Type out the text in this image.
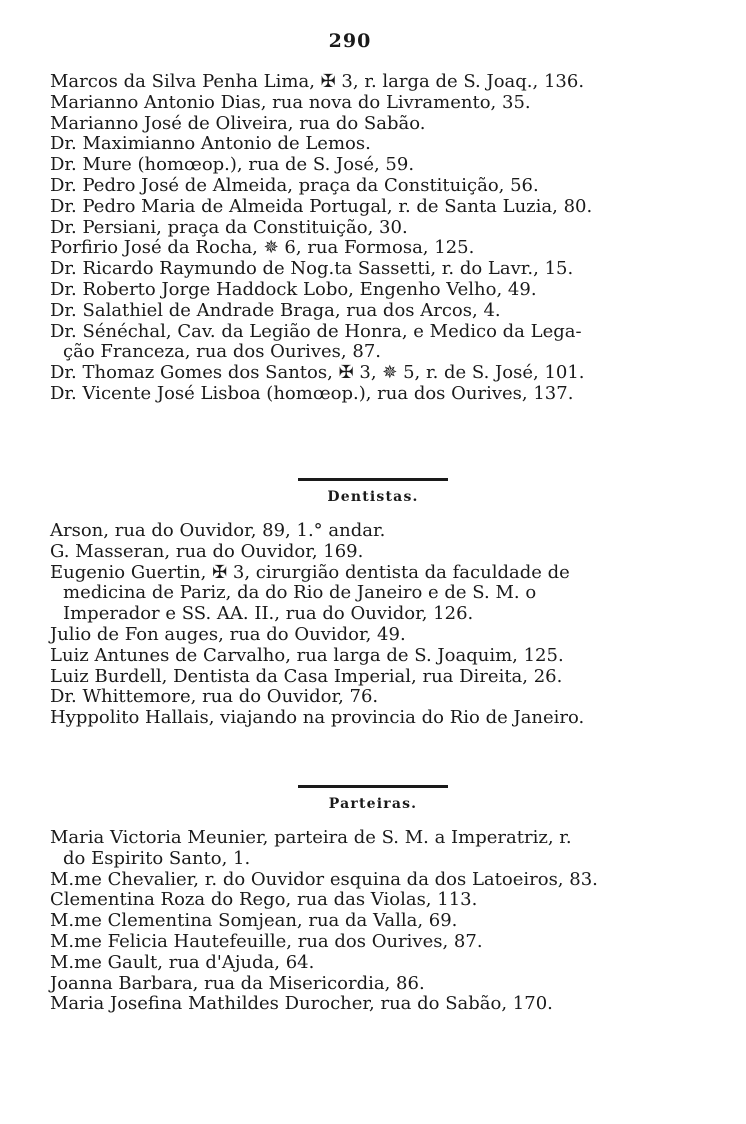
290
Marcos da Silva Penha Lima, ✠ 3, r. larga de S. Joaq., 136.
Marianno Antonio Dias, rua nova do Livramento, 35.
Marianno José de Oliveira, rua do Sabão.
Dr. Maximianno Antonio de Lemos.
Dr. Mure (homœop.), rua de S. José, 59.
Dr. Pedro José de Almeida, praça da Constituição, 56.
Dr. Pedro Maria de Almeida Portugal, r. de Santa Luzia, 80.
Dr. Persiani, praça da Constituição, 30.
Porfirio José da Rocha, ✵ 6, rua Formosa, 125.
Dr. Ricardo Raymundo de Nog.ta Sassetti, r. do Lavr., 15.
Dr. Roberto Jorge Haddock Lobo, Engenho Velho, 49.
Dr. Salathiel de Andrade Braga, rua dos Arcos, 4.
Dr. Sénéchal, Cav. da Legião de Honra, e Medico da Lega-
ção Franceza, rua dos Ourives, 87.
Dr. Thomaz Gomes dos Santos, ✠ 3, ✵ 5, r. de S. José, 101.
Dr. Vicente José Lisboa (homœop.), rua dos Ourives, 137.
Dentistas.
Arson, rua do Ouvidor, 89, 1.° andar.
G. Masseran, rua do Ouvidor, 169.
Eugenio Guertin, ✠ 3, cirurgião dentista da faculdade de
medicina de Pariz, da do Rio de Janeiro e de S. M. o
Imperador e SS. AA. II., rua do Ouvidor, 126.
Julio de Fon auges, rua do Ouvidor, 49.
Luiz Antunes de Carvalho, rua larga de S. Joaquim, 125.
Luiz Burdell, Dentista da Casa Imperial, rua Direita, 26.
Dr. Whittemore, rua do Ouvidor, 76.
Hyppolito Hallais, viajando na provincia do Rio de Janeiro.
Parteiras.
Maria Victoria Meunier, parteira de S. M. a Imperatriz, r.
do Espirito Santo, 1.
M.me Chevalier, r. do Ouvidor esquina da dos Latoeiros, 83.
Clementina Roza do Rego, rua das Violas, 113.
M.me Clementina Somjean, rua da Valla, 69.
M.me Felicia Hautefeuille, rua dos Ourives, 87.
M.me Gault, rua d'Ajuda, 64.
Joanna Barbara, rua da Misericordia, 86.
Maria Josefina Mathildes Durocher, rua do Sabão, 170.
